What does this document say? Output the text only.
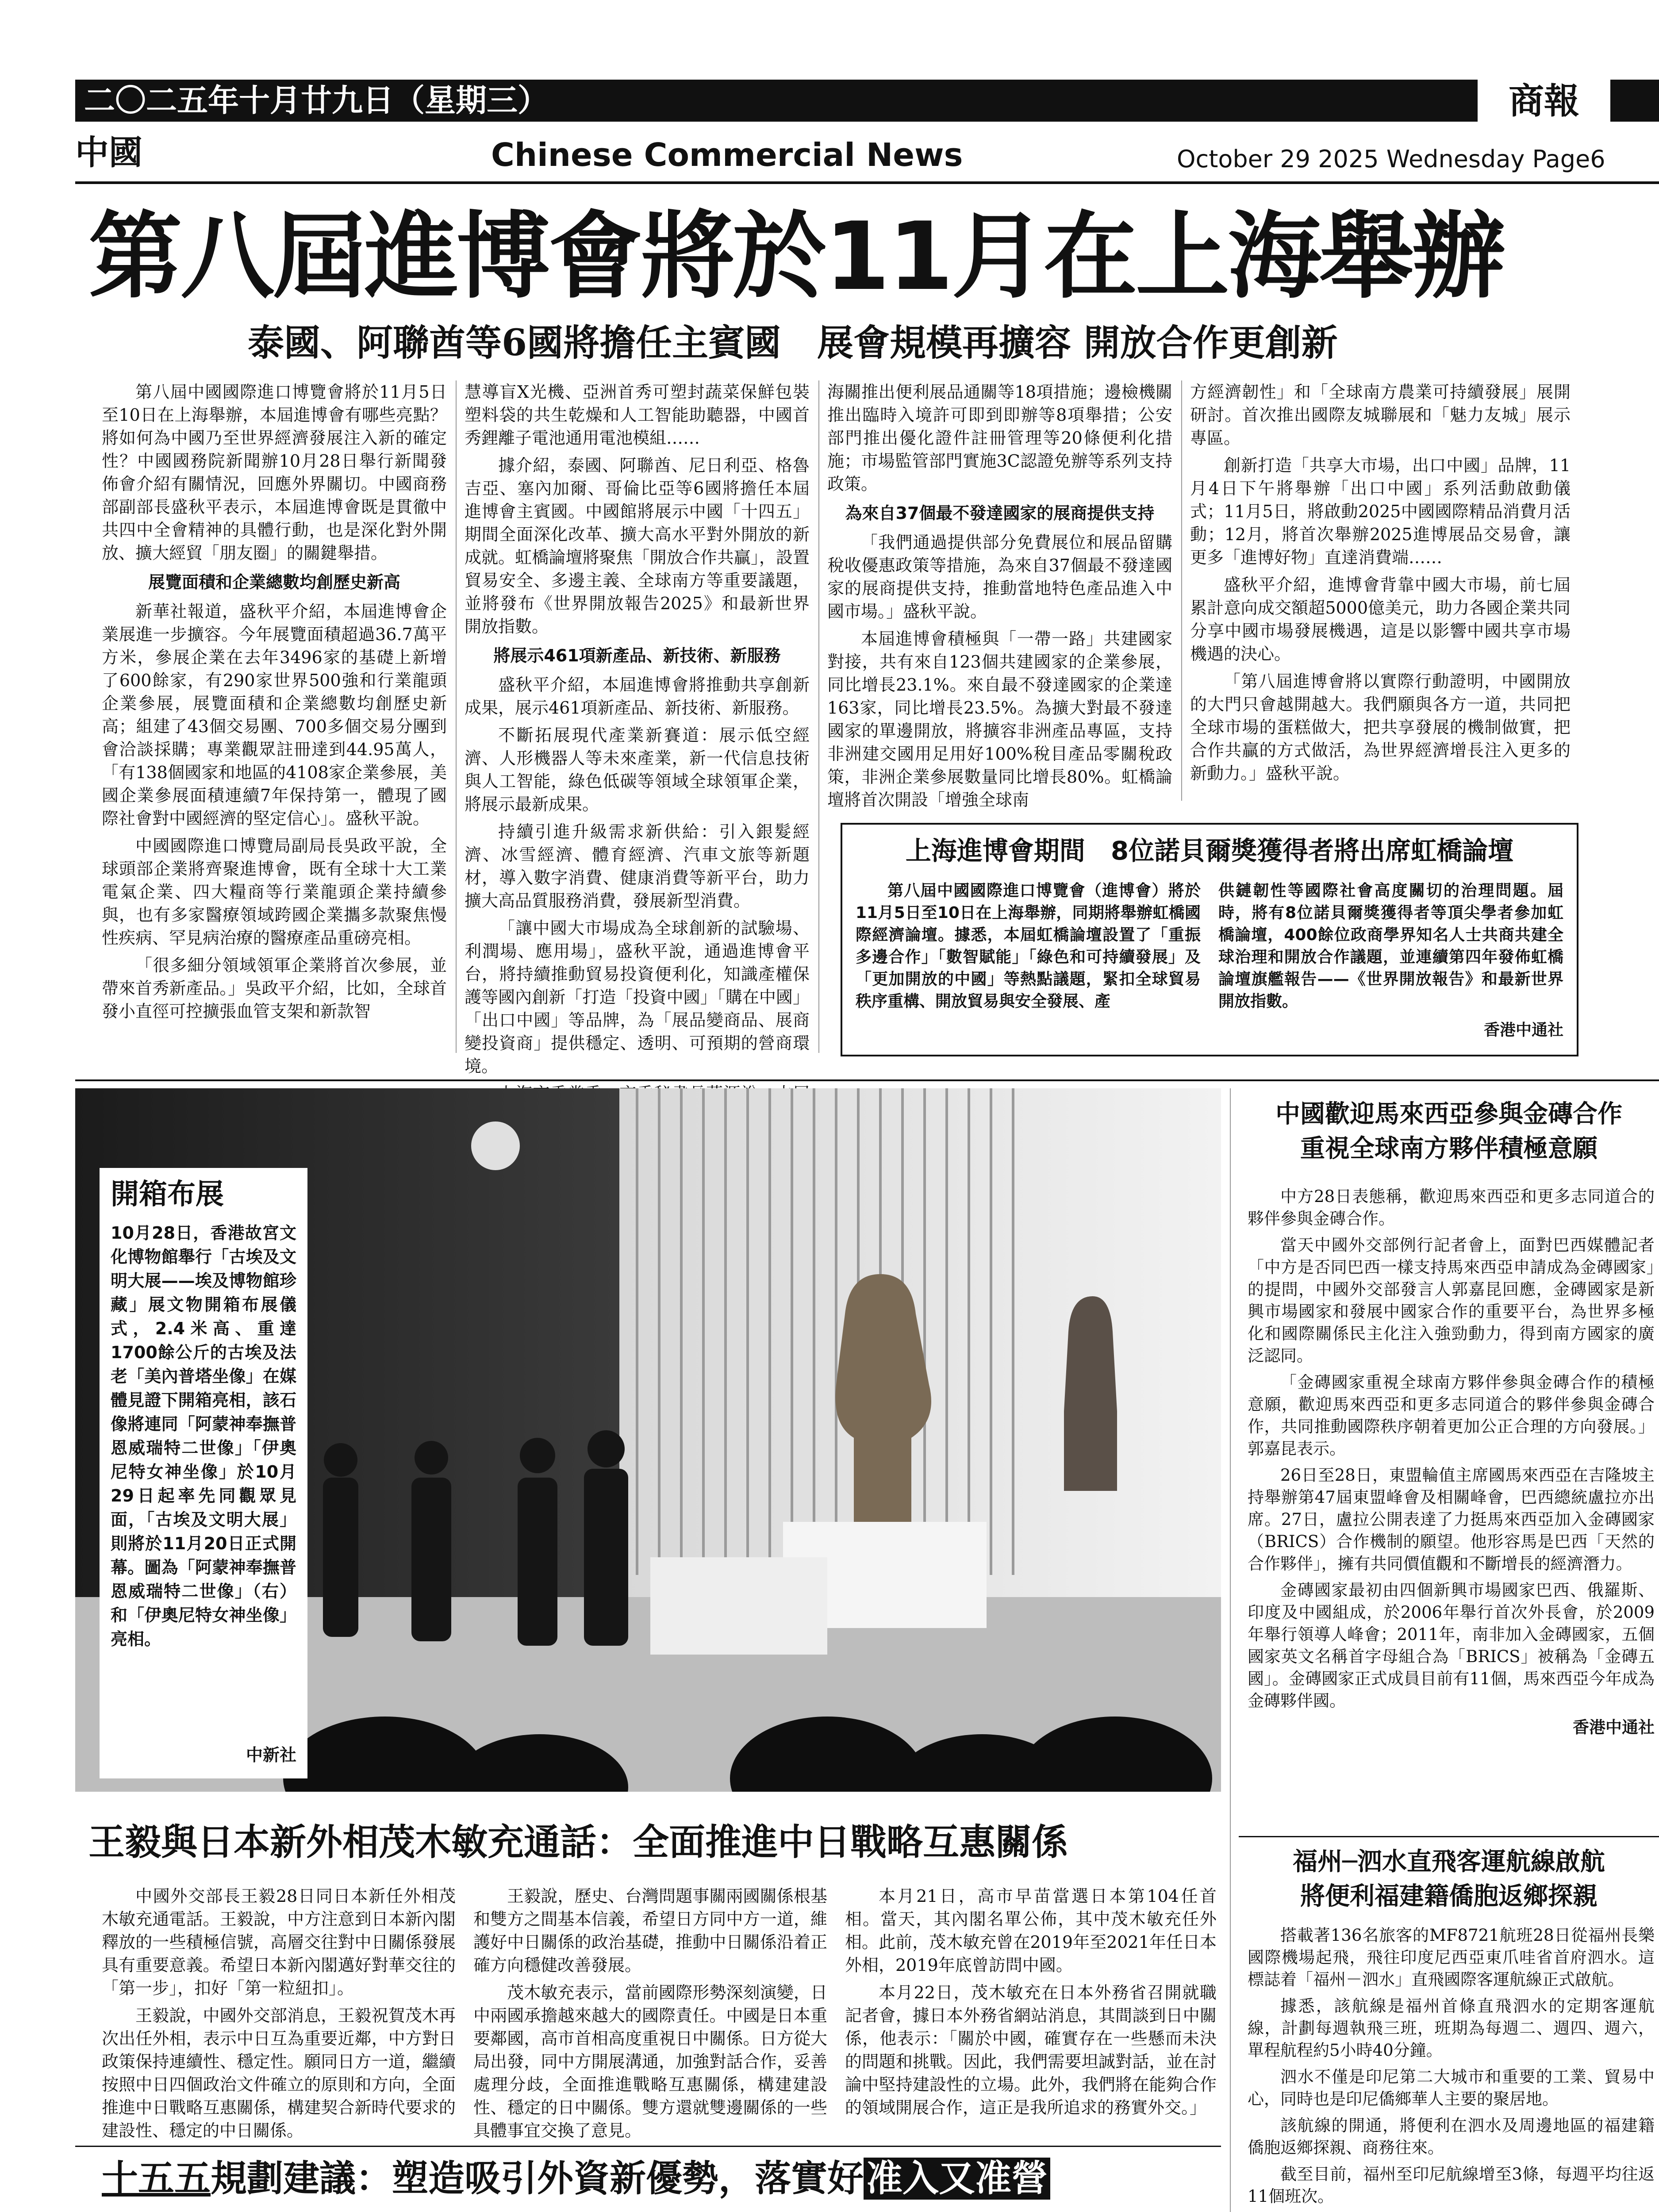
二〇二五年十月廿九日（星期三）	商報
中國	Chinese Commercial News	October 29 2025 Wednesday Page6
第八屆進博會將於11月在上海舉辦
泰國、阿聯酋等6國將擔任主賓國　展會規模再擴容 開放合作更創新

第八屆中國國際進口博覽會將於11月5日至10日在上海舉辦，本屆進博會有哪些亮點？將如何為中國乃至世界經濟發展注入新的確定性？中國國務院新聞辦10月28日舉行新聞發佈會介紹有關情況，回應外界關切。中國商務部副部長盛秋平表示，本屆進博會既是貫徹中共四中全會精神的具體行動，也是深化對外開放、擴大經貿「朋友圈」的關鍵舉措。

展覽面積和企業總數均創歷史新高

新華社報道，盛秋平介紹，本屆進博會企業展進一步擴容。今年展覽面積超過36.7萬平方米，參展企業在去年3496家的基礎上新增了600餘家，有290家世界500強和行業龍頭企業參展，展覽面積和企業總數均創歷史新高；組建了43個交易團、700多個交易分團到會洽談採購；專業觀眾註冊達到44.95萬人，「有138個國家和地區的4108家企業參展，美國企業參展面積連續7年保持第一，體現了國際社會對中國經濟的堅定信心」。盛秋平說。

中國國際進口博覽局副局長吳政平說，全球頭部企業將齊聚進博會，既有全球十大工業電氣企業、四大糧商等行業龍頭企業持續參與，也有多家醫療領域跨國企業攜多款聚焦慢性疾病、罕見病治療的醫療產品重磅亮相。

「很多細分領域領軍企業將首次參展，並帶來首秀新產品。」吳政平介紹，比如，全球首發小直徑可控擴張血管支架和新款智

慧導盲X光機、亞洲首秀可塑封蔬菜保鮮包裝塑料袋的共生乾燥和人工智能助聽器，中國首秀鋰離子電池通用電池模組……

據介紹，泰國、阿聯酋、尼日利亞、格魯吉亞、塞內加爾、哥倫比亞等6國將擔任本屆進博會主賓國。中國館將展示中國「十四五」期間全面深化改革、擴大高水平對外開放的新成就。虹橋論壇將聚焦「開放合作共贏」，設置貿易安全、多邊主義、全球南方等重要議題，並將發布《世界開放報告2025》和最新世界開放指數。

將展示461項新產品、新技術、新服務

盛秋平介紹，本屆進博會將推動共享創新成果，展示461項新產品、新技術、新服務。

不斷拓展現代產業新賽道：展示低空經濟、人形機器人等未來產業，新一代信息技術與人工智能，綠色低碳等領域全球領軍企業，將展示最新成果。

持續引進升級需求新供給：引入銀髮經濟、冰雪經濟、體育經濟、汽車文旅等新題材，導入數字消費、健康消費等新平台，助力擴大高品質服務消費，發展新型消費。

「讓中國大市場成為全球創新的試驗場、利潤場、應用場」，盛秋平說，通過進博會平台，將持續推動貿易投資便利化，知識產權保護等國內創新「打造「投資中國」「購在中國」「出口中國」等品牌，為「展品變商品、展商變投資商」提供穩定、透明、可預期的營商環境。

海關推出便利展品通關等18項措施；邊檢機關推出臨時入境許可即到即辦等8項舉措；公安部門推出優化證件註冊管理等20條便利化措施；市場監管部門實施3C認證免辦等系列支持政策。

為來自37個最不發達國家的展商提供支持

「我們通過提供部分免費展位和展品留購稅收優惠政策等措施，為來自37個最不發達國家的展商提供支持，推動當地特色產品進入中國市場。」盛秋平說。

本屆進博會積極與「一帶一路」共建國家對接，共有來自123個共建國家的企業參展，同比增長23.1%。來自最不發達國家的企業達163家，同比增長23.5%。為擴大對最不發達國家的單邊開放，將擴容非洲產品專區，支持非洲建交國用足用好100%稅目產品零關稅政策，非洲企業參展數量同比增長80%。虹橋論壇將首次開設「增強全球南

方經濟韌性」和「全球南方農業可持續發展」展開研討。首次推出國際友城聯展和「魅力友城」展示專區。

創新打造「共享大市場，出口中國」品牌，11月4日下午將舉辦「出口中國」系列活動啟動儀式；11月5日，將啟動2025中國國際精品消費月活動；12月，將首次舉辦2025進博展品交易會，讓更多「進博好物」直達消費端……

盛秋平介紹，進博會背靠中國大市場，前七屆累計意向成交額超5000億美元，助力各國企業共同分享中國市場發展機遇，這是以影響中國共享市場機遇的決心。

「第八屆進博會將以實際行動證明，中國開放的大門只會越開越大。我們願與各方一道，共同把全球市場的蛋糕做大，把共享發展的機制做實，把合作共贏的方式做活，為世界經濟增長注入更多的新動力。」盛秋平說。

上海進博會期間　8位諾貝爾獎獲得者將出席虹橋論壇
第八屆中國國際進口博覽會（進博會）將於11月5日至10日在上海舉辦，同期將舉辦虹橋國際經濟論壇。據悉，本屆虹橋論壇設置了「重振多邊合作」「數智賦能」「綠色和可持續發展」及「更加開放的中國」等熱點議題，緊扣全球貿易秩序重構、開放貿易與安全發展、產
供鏈韌性等國際社會高度關切的治理問題。屆時，將有8位諾貝爾獎獲得者等頂尖學者參加虹橋論壇，400餘位政商學界知名人士共商共建全球治理和開放合作議題，並連續第四年發佈虹橋論壇旗艦報告——《世界開放報告》和最新世界開放指數。
香港中通社
開箱布展
10月28日，香港故宮文化博物館舉行「古埃及文明大展——埃及博物館珍藏」展文物開箱布展儀式，2.4米高、重達1700餘公斤的古埃及法老「美內普塔坐像」在媒體見證下開箱亮相，該石像將連同「阿蒙神奉撫普恩威瑞特二世像」「伊奧尼特女神坐像」於10月29日起率先同觀眾見面，「古埃及文明大展」則將於11月20日正式開幕。圖為「阿蒙神奉撫普恩威瑞特二世像」（右）和「伊奧尼特女神坐像」亮相。
中新社
中國歡迎馬來西亞參與金磚合作
重視全球南方夥伴積極意願

中方28日表態稱，歡迎馬來西亞和更多志同道合的夥伴參與金磚合作。

當天中國外交部例行記者會上，面對巴西媒體記者「中方是否同巴西一樣支持馬來西亞申請成為金磚國家」的提問，中國外交部發言人郭嘉昆回應，金磚國家是新興市場國家和發展中國家合作的重要平台，為世界多極化和國際關係民主化注入強勁動力，得到南方國家的廣泛認同。

「金磚國家重視全球南方夥伴參與金磚合作的積極意願，歡迎馬來西亞和更多志同道合的夥伴參與金磚合作，共同推動國際秩序朝着更加公正合理的方向發展。」郭嘉昆表示。

26日至28日，東盟輪值主席國馬來西亞在吉隆坡主持舉辦第47屆東盟峰會及相關峰會，巴西總統盧拉亦出席。27日，盧拉公開表達了力挺馬來西亞加入金磚國家（BRICS）合作機制的願望。他形容馬是巴西「天然的合作夥伴」，擁有共同價值觀和不斷增長的經濟潛力。

金磚國家最初由四個新興市場國家巴西、俄羅斯、印度及中國組成，於2006年舉行首次外長會，於2009年舉行領導人峰會；2011年，南非加入金磚國家，五個國家英文名稱首字母組合為「BRICS」被稱為「金磚五國」。金磚國家正式成員目前有11個，馬來西亞今年成為金磚夥伴國。

香港中通社
福州─泗水直飛客運航線啟航
將便利福建籍僑胞返鄉探親

搭載著136名旅客的MF8721航班28日從福州長樂國際機場起飛，飛往印度尼西亞東爪哇省首府泗水。這標誌着「福州－泗水」直飛國際客運航線正式啟航。

據悉，該航線是福州首條直飛泗水的定期客運航線，計劃每週執飛三班，班期為每週二、週四、週六，單程航程約5小時40分鐘。

泗水不僅是印尼第二大城市和重要的工業、貿易中心，同時也是印尼僑鄉華人主要的聚居地。

該航線的開通，將便利在泗水及周邊地區的福建籍僑胞返鄉探親、商務往來。

截至目前，福州至印尼航線增至3條，每週平均往返11個班次。

王毅與日本新外相茂木敏充通話：全面推進中日戰略互惠關係

中國外交部長王毅28日同日本新任外相茂木敏充通電話。王毅說，中方注意到日本新內閣釋放的一些積極信號，高層交往對中日關係發展具有重要意義。希望日本新內閣邁好對華交往的「第一步」，扣好「第一粒紐扣」。

王毅說，中國外交部消息，王毅祝賀茂木再次出任外相，表示中日互為重要近鄰，中方對日政策保持連續性、穩定性。願同日方一道，繼續按照中日四個政治文件確立的原則和方向，全面推進中日戰略互惠關係，構建契合新時代要求的建設性、穩定的中日關係。

王毅說，歷史、台灣問題事關兩國關係根基和雙方之間基本信義，希望日方同中方一道，維護好中日關係的政治基礎，推動中日關係沿着正確方向穩健改善發展。

茂木敏充表示，當前國際形勢深刻演變，日中兩國承擔越來越大的國際責任。中國是日本重要鄰國，高市首相高度重視日中關係。日方從大局出發，同中方開展溝通，加強對話合作，妥善處理分歧，全面推進戰略互惠關係，構建建設性、穩定的日中關係。雙方還就雙邊關係的一些具體事宜交換了意見。

本月21日，高市早苗當選日本第104任首相。當天，其內閣名單公佈，其中茂木敏充任外相。此前，茂木敏充曾在2019年至2021年任日本外相，2019年底曾訪問中國。

本月22日，茂木敏充在日本外務省召開就職記者會，據日本外務省網站消息，其間談到日中關係，他表示：「關於中國，確實存在一些懸而未決的問題和挑戰。因此，我們需要坦誠對話，並在討論中堅持建設性的立場。此外，我們將在能夠合作的領域開展合作，這正是我所追求的務實外交。」

十五五規劃建議：塑造吸引外資新優勢，落實好准入又准營
